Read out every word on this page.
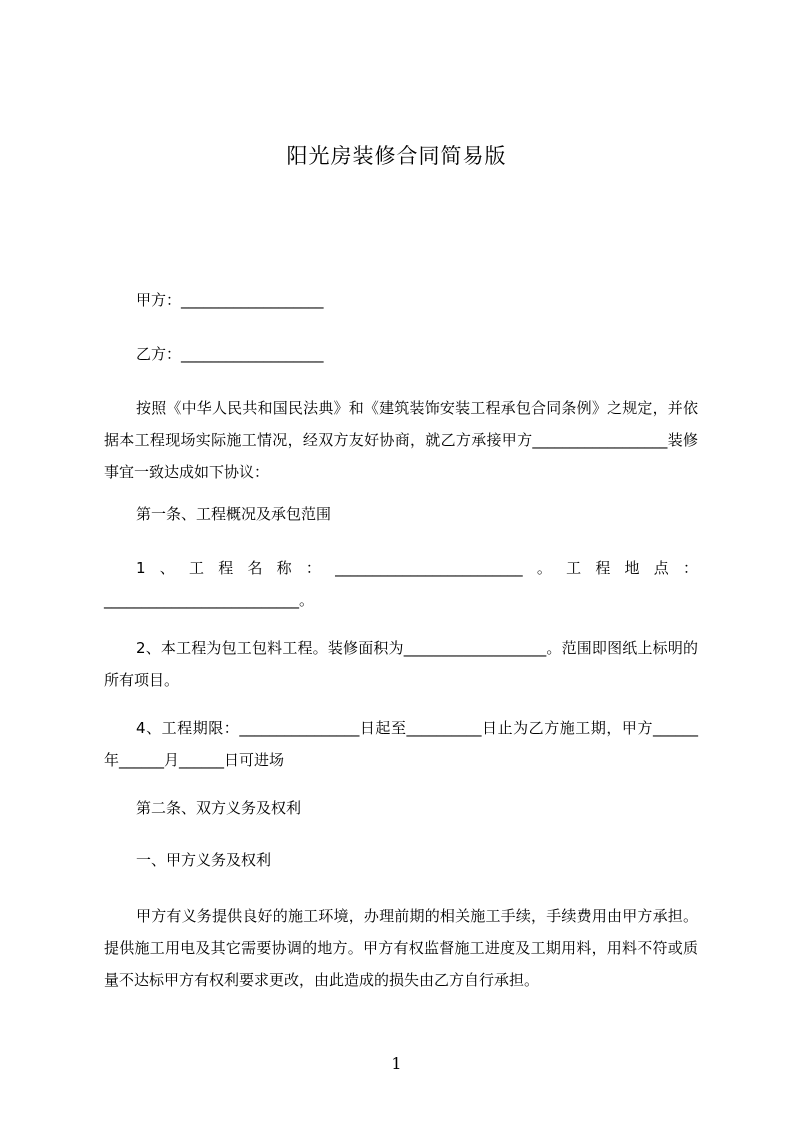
阳光房装修合同简易版
甲方：___________________
乙方：___________________

按照《中华人民共和国民法典》和《建筑装饰安装工程承包合同条例》之规定，并依据本工程现场实际施工情况，经双方友好协商，就乙方承接甲方__________________装修事宜一致达成如下协议：

第一条、工程概况及承包范围

1、工程名称：_________________________。工程地点：__________________________。

2、本工程为包工包料工程。装修面积为___________________。范围即图纸上标明的所有项目。

4、工程期限：________________日起至__________日止为乙方施工期，甲方______年______月______日可进场

第二条、双方义务及权利
一、甲方义务及权利

甲方有义务提供良好的施工环境，办理前期的相关施工手续，手续费用由甲方承担。提供施工用电及其它需要协调的地方。甲方有权监督施工进度及工期用料，用料不符或质量不达标甲方有权利要求更改，由此造成的损失由乙方自行承担。

1
